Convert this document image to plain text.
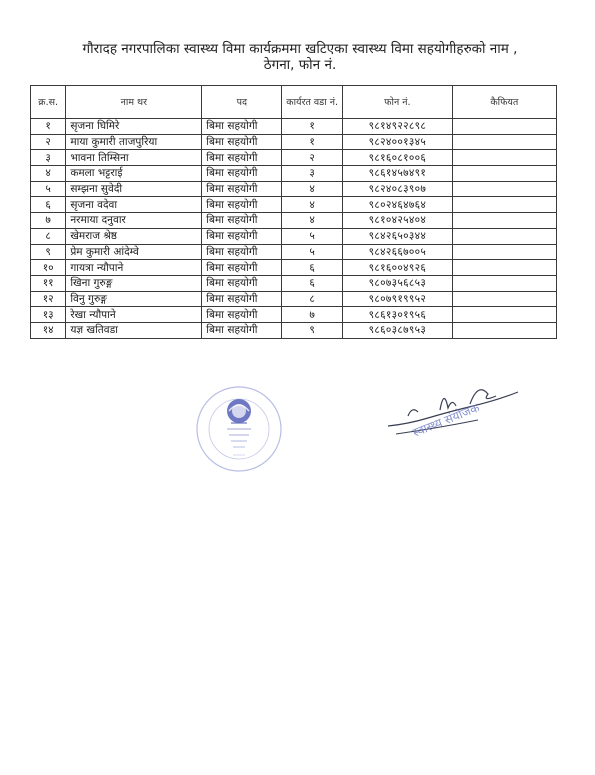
गौरादह नगरपालिका स्वास्थ्य विमा कार्यक्रममा खटिएका स्वास्थ्य विमा सहयोगीहरुको नाम ,
ठेगना, फोन नं.
क्र.स.	नाम थर	पद	कार्यरत वडा नं.	फोन नं.	कैफियत
१	सृजना घिमिरे	बिमा सहयोगी	१	९८१४९२२८९८	
२	माया कुमारी ताजपुरिया	बिमा सहयोगी	१	९८२४००१३४५	
३	भावना तिम्सिना	बिमा सहयोगी	२	९८१६०८१००६	
४	कमला भट्टराई	बिमा सहयोगी	३	९८६१४५७४९१	
५	सम्झना सुवेदी	बिमा सहयोगी	४	९८२४०८३९०७	
६	सृजना वदेवा	बिमा सहयोगी	४	९८०२४६४७६४	
७	नरमाया दनुवार	बिमा सहयोगी	४	९८१०४२५४०४	
८	खेमराज श्रेष्ठ	बिमा सहयोगी	५	९८४२६५०३४४	
९	प्रेम कुमारी आंदेम्वे	बिमा सहयोगी	५	९८४२६६७००५	
१०	गायत्रा न्यौपाने	बिमा सहयोगी	६	९८१६००४९२६	
११	खिना गुरुङ्ग	बिमा सहयोगी	६	९८०७३५६८५३	
१२	विनु गुरुङ्ग	बिमा सहयोगी	८	९८०७९१९९५२	
१३	रेखा न्यौपाने	बिमा सहयोगी	७	९८६१३०१९५६	
१४	यज्ञ खतिवडा	बिमा सहयोगी	९	९८६०३८७९५३	
स्वास्थ्य संयोजक
